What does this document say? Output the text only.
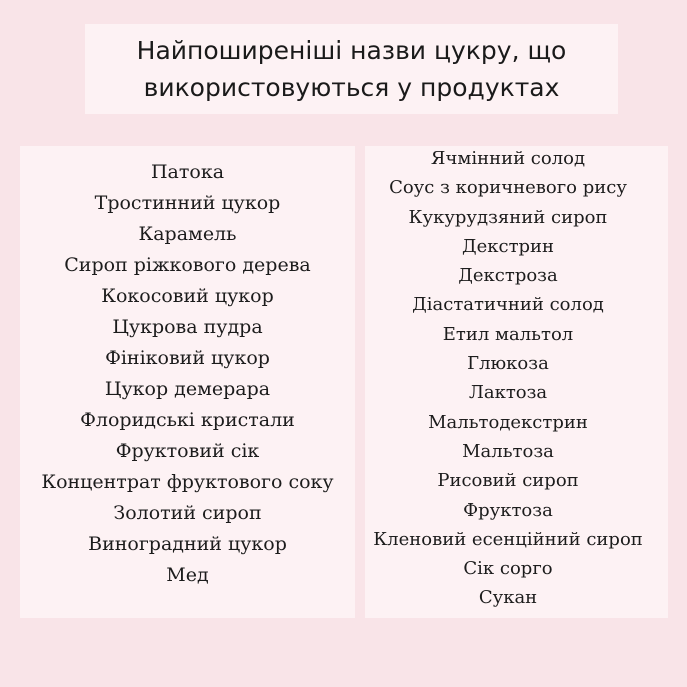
Найпоширеніші назви цукру, що
використовуються у продуктах
Патока
Тростинний цукор
Карамель
Сироп ріжкового дерева
Кокосовий цукор
Цукрова пудра
Фініковий цукор
Цукор демерара
Флоридські кристали
Фруктовий сік
Концентрат фруктового соку
Золотий сироп
Виноградний цукор
Мед
Ячмінний солод
Соус з коричневого рису
Кукурудзяний сироп
Декстрин
Декстроза
Діастатичний солод
Етил мальтол
Глюкоза
Лактоза
Мальтодекстрин
Мальтоза
Рисовий сироп
Фруктоза
Кленовий есенційний сироп
Сік сорго
Сукан
